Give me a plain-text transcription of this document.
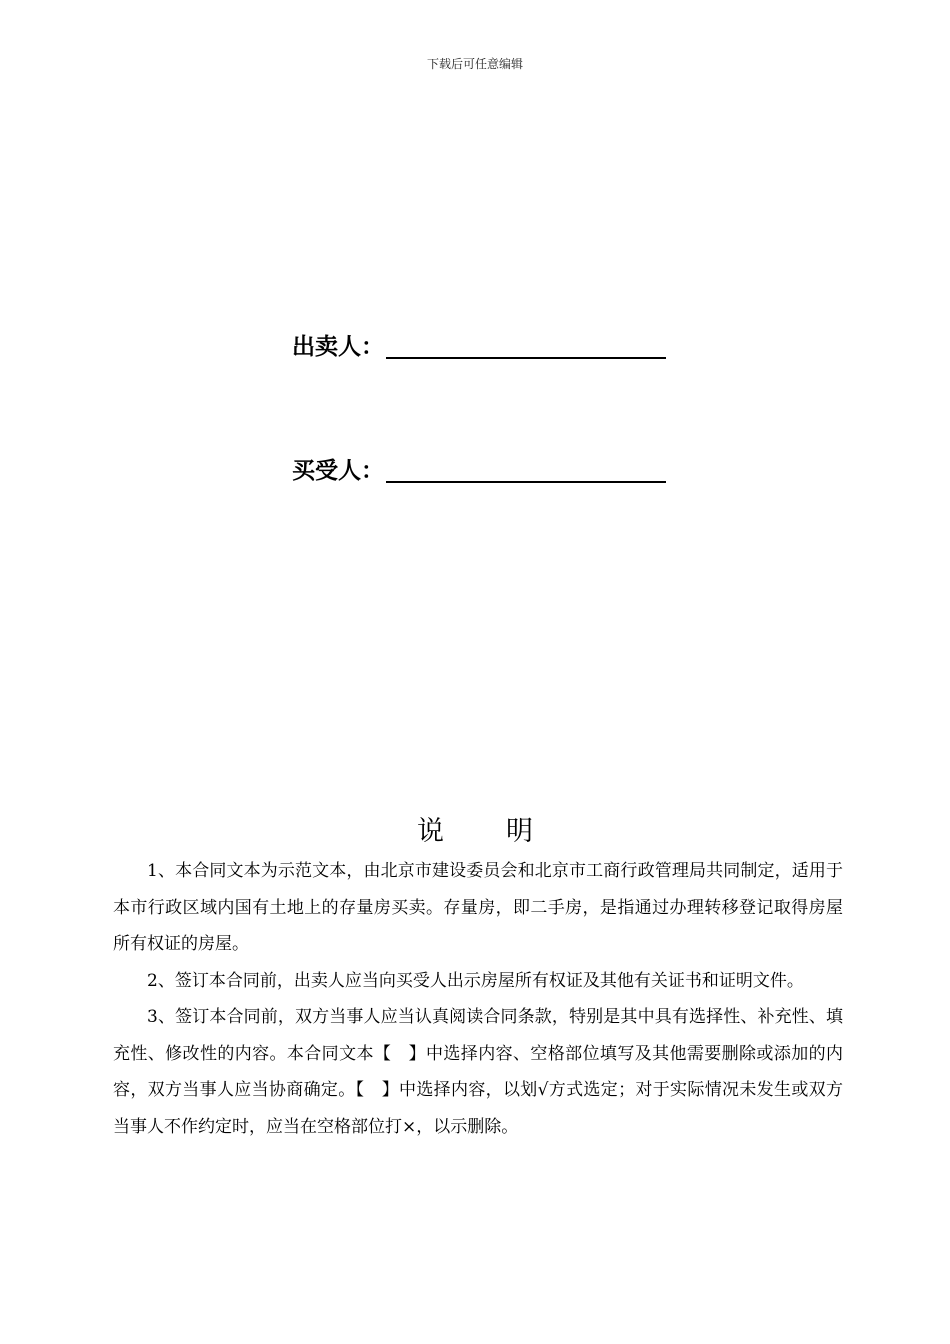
下载后可任意编辑
出卖人：
买受人：
说 明

1、本合同文本为示范文本，由北京市建设委员会和北京市工商行政管理局共同制定，适用于本市行政区域内国有土地上的存量房买卖。存量房，即二手房，是指通过办理转移登记取得房屋所有权证的房屋。

2、签订本合同前，出卖人应当向买受人出示房屋所有权证及其他有关证书和证明文件。

3、签订本合同前，双方当事人应当认真阅读合同条款，特别是其中具有选择性、补充性、填充性、修改性的内容。本合同文本【　】中选择内容、空格部位填写及其他需要删除或添加的内容，双方当事人应当协商确定。【　】中选择内容，以划√方式选定；对于实际情况未发生或双方当事人不作约定时，应当在空格部位打×，以示删除。
